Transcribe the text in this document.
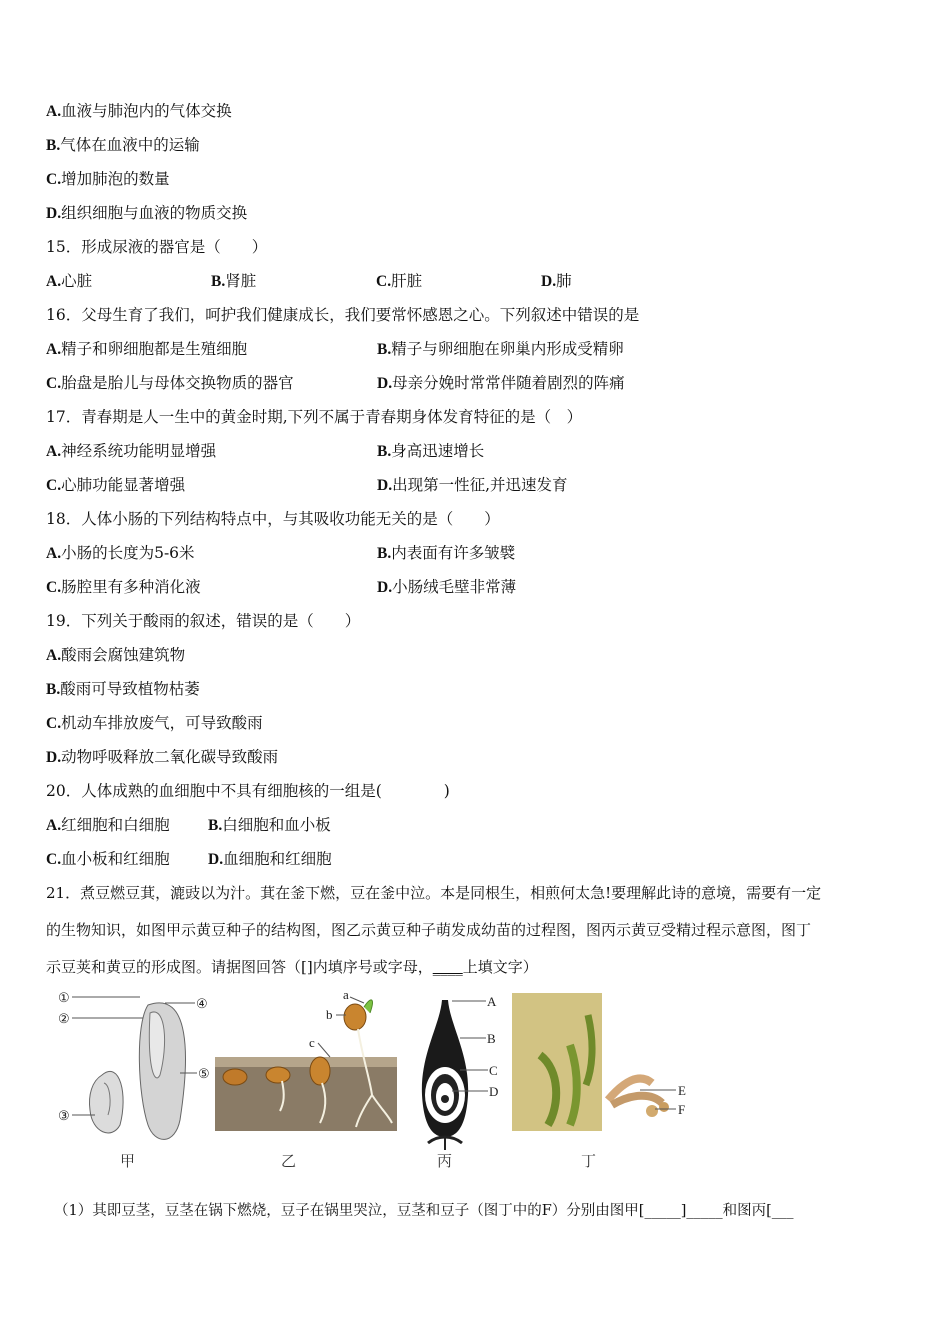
A.血液与肺泡内的气体交换
B.气体在血液中的运输
C.增加肺泡的数量
D.组织细胞与血液的物质交换
15．形成尿液的器官是（　　）
A.心脏	B.肾脏	C.肝脏	D.肺
16．父母生育了我们，呵护我们健康成长，我们要常怀感恩之心。下列叙述中错误的是
A.精子和卵细胞都是生殖细胞	B.精子与卵细胞在卵巢内形成受精卵
C.胎盘是胎儿与母体交换物质的器官	D.母亲分娩时常常伴随着剧烈的阵痛
17．青春期是人一生中的黄金时期,下列不属于青春期身体发育特征的是（　）
A.神经系统功能明显增强	B.身高迅速增长
C.心肺功能显著增强	D.出现第一性征,并迅速发育
18．人体小肠的下列结构特点中，与其吸收功能无关的是（　　）
A.小肠的长度为5-6米	B.内表面有许多皱襞
C.肠腔里有多种消化液	D.小肠绒毛壁非常薄
19．下列关于酸雨的叙述，错误的是（　　）
A.酸雨会腐蚀建筑物
B.酸雨可导致植物枯萎
C.机动车排放废气，可导致酸雨
D.动物呼吸释放二氧化碳导致酸雨
20．人体成熟的血细胞中不具有细胞核的一组是(　　　　)
A.红细胞和白细胞 B.白细胞和血小板
C.血小板和红细胞 D.血细胞和红细胞
21．煮豆燃豆萁，漉豉以为汁。萁在釜下燃，豆在釜中泣。本是同根生，相煎何太急!要理解此诗的意境，需要有一定
的生物知识，如图甲示黄豆种子的结构图，图乙示黄豆种子萌发成幼苗的过程图，图丙示黄豆受精过程示意图，图丁
示豆荚和黄豆的形成图。请据图回答（[]内填序号或字母，____上填文字）
①
②
③
④
⑤
a
b
c
A
B
C
D	E
F
甲	乙	丙	丁
（1）其即豆茎，豆茎在锅下燃烧，豆子在锅里哭泣，豆茎和豆子（图丁中的F）分别由图甲[_____]_____和图丙[___
